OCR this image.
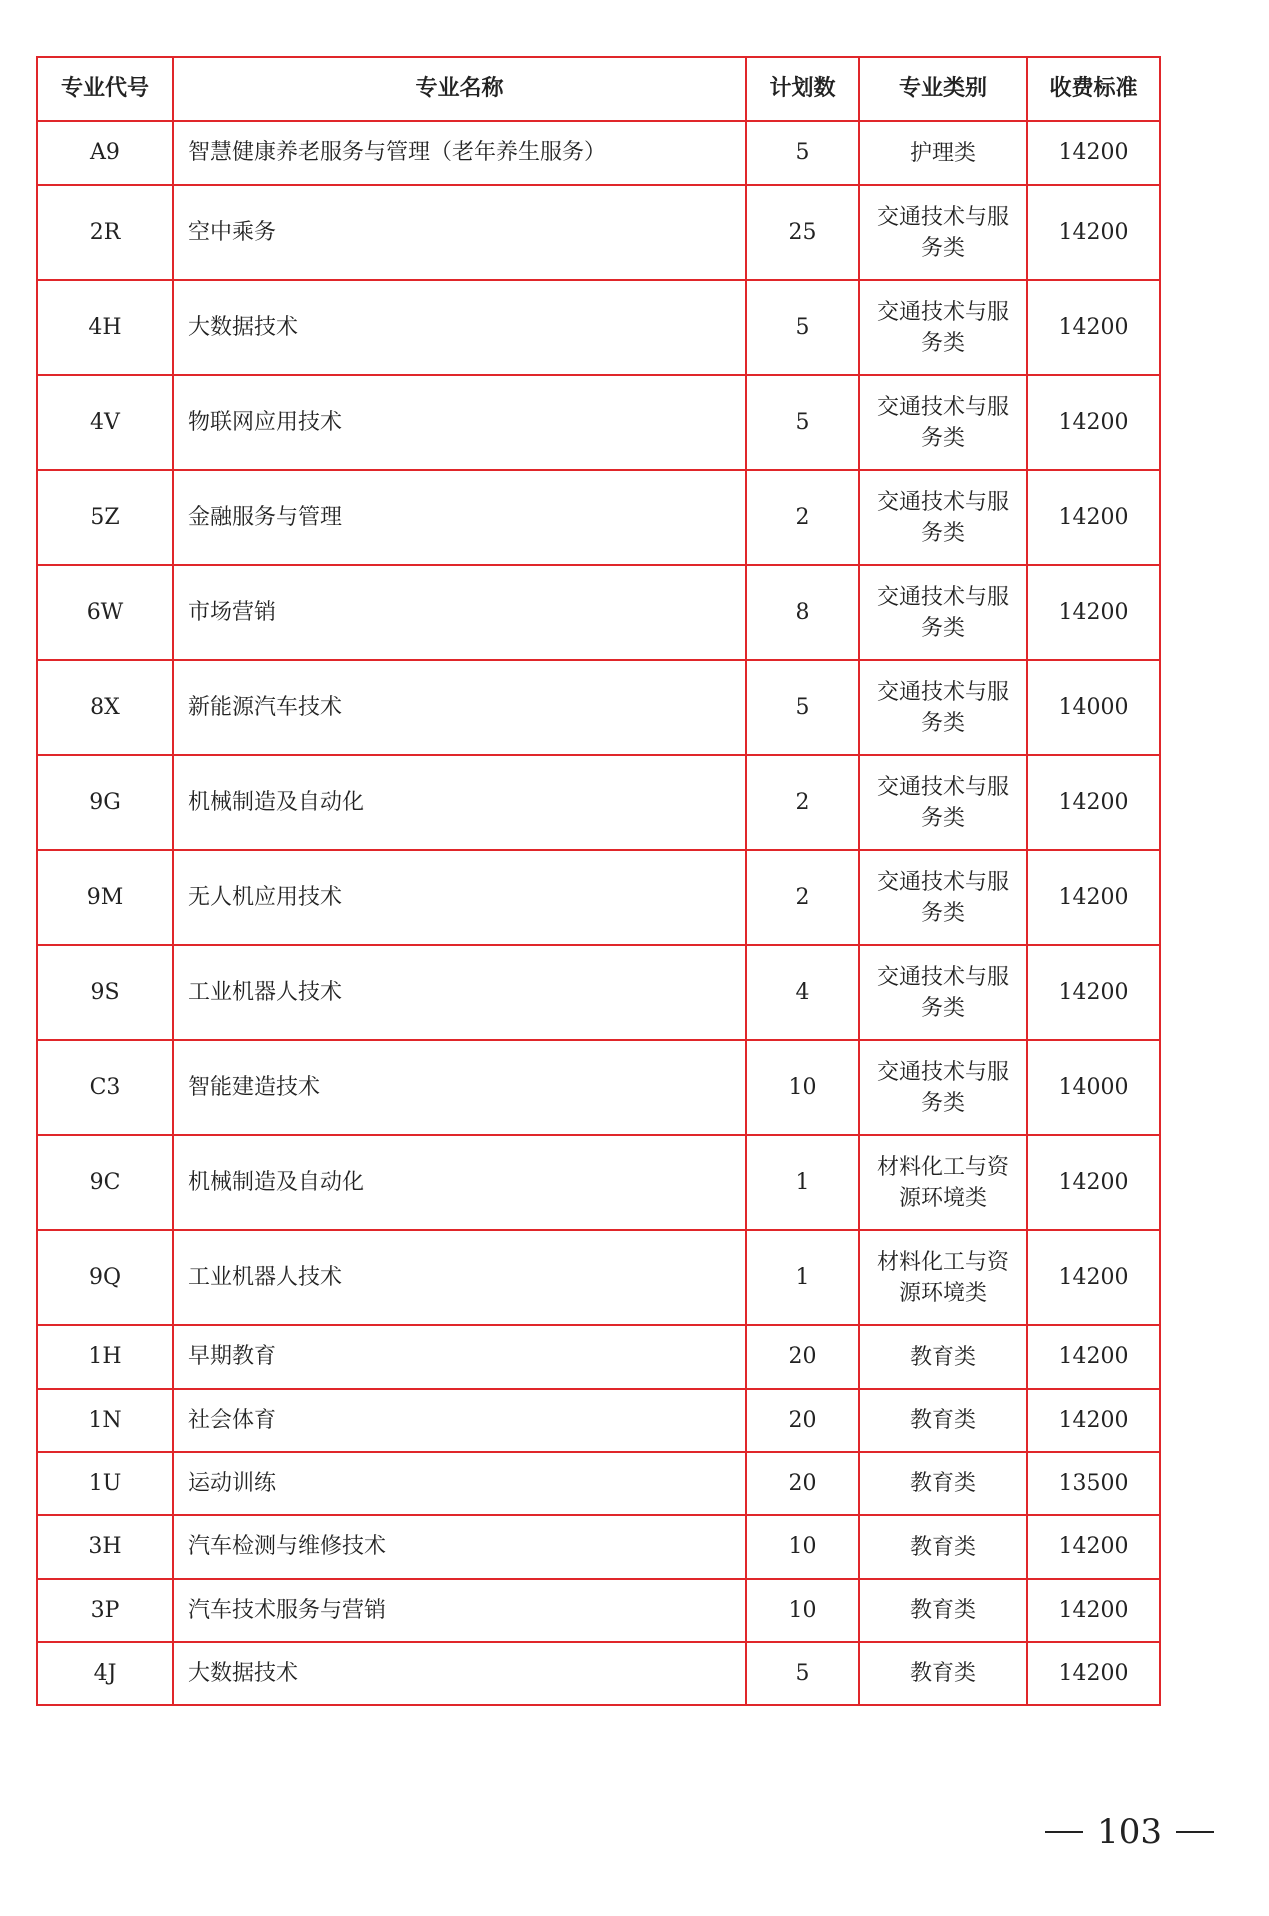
专业代号	专业名称	计划数	专业类别	收费标准
A9	智慧健康养老服务与管理（老年养生服务）	5	护理类	14200
2R	空中乘务	25	交通技术与服务类	14200
4H	大数据技术	5	交通技术与服务类	14200
4V	物联网应用技术	5	交通技术与服务类	14200
5Z	金融服务与管理	2	交通技术与服务类	14200
6W	市场营销	8	交通技术与服务类	14200
8X	新能源汽车技术	5	交通技术与服务类	14000
9G	机械制造及自动化	2	交通技术与服务类	14200
9M	无人机应用技术	2	交通技术与服务类	14200
9S	工业机器人技术	4	交通技术与服务类	14200
C3	智能建造技术	10	交通技术与服务类	14000
9C	机械制造及自动化	1	材料化工与资源环境类	14200
9Q	工业机器人技术	1	材料化工与资源环境类	14200
1H	早期教育	20	教育类	14200
1N	社会体育	20	教育类	14200
1U	运动训练	20	教育类	13500
3H	汽车检测与维修技术	10	教育类	14200
3P	汽车技术服务与营销	10	教育类	14200
4J	大数据技术	5	教育类	14200
103
